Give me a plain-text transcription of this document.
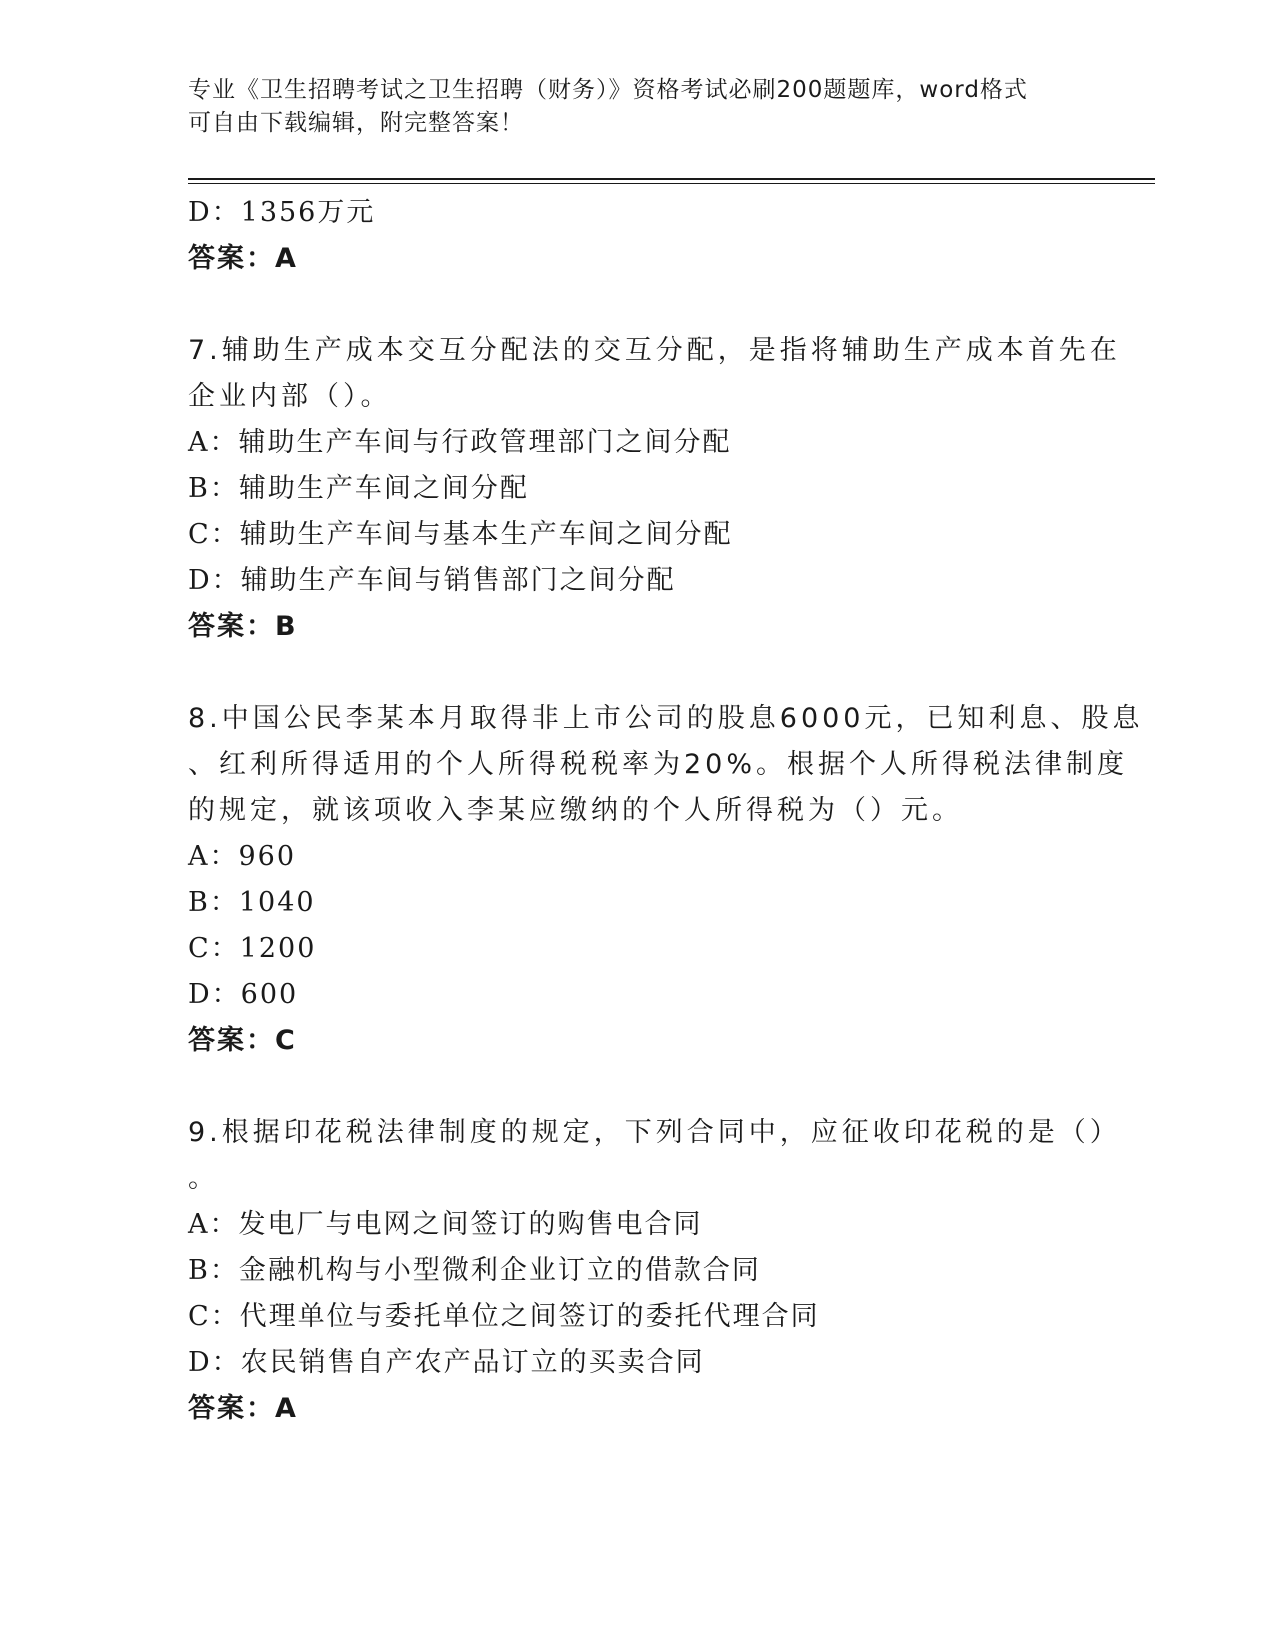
专业《卫生招聘考试之卫生招聘（财务）》资格考试必刷200题题库，word格式
可自由下载编辑，附完整答案！
D：1356万元
答案：A
7.辅助生产成本交互分配法的交互分配，是指将辅助生产成本首先在
企业内部（）。
A：辅助生产车间与行政管理部门之间分配
B：辅助生产车间之间分配
C：辅助生产车间与基本生产车间之间分配
D：辅助生产车间与销售部门之间分配
答案：B
8.中国公民李某本月取得非上市公司的股息6000元，已知利息、股息
、红利所得适用的个人所得税税率为20%。根据个人所得税法律制度
的规定，就该项收入李某应缴纳的个人所得税为（）元。
A：960
B：1040
C：1200
D：600
答案：C
9.根据印花税法律制度的规定，下列合同中，应征收印花税的是（）
。
A：发电厂与电网之间签订的购售电合同
B：金融机构与小型微利企业订立的借款合同
C：代理单位与委托单位之间签订的委托代理合同
D：农民销售自产农产品订立的买卖合同
答案：A
